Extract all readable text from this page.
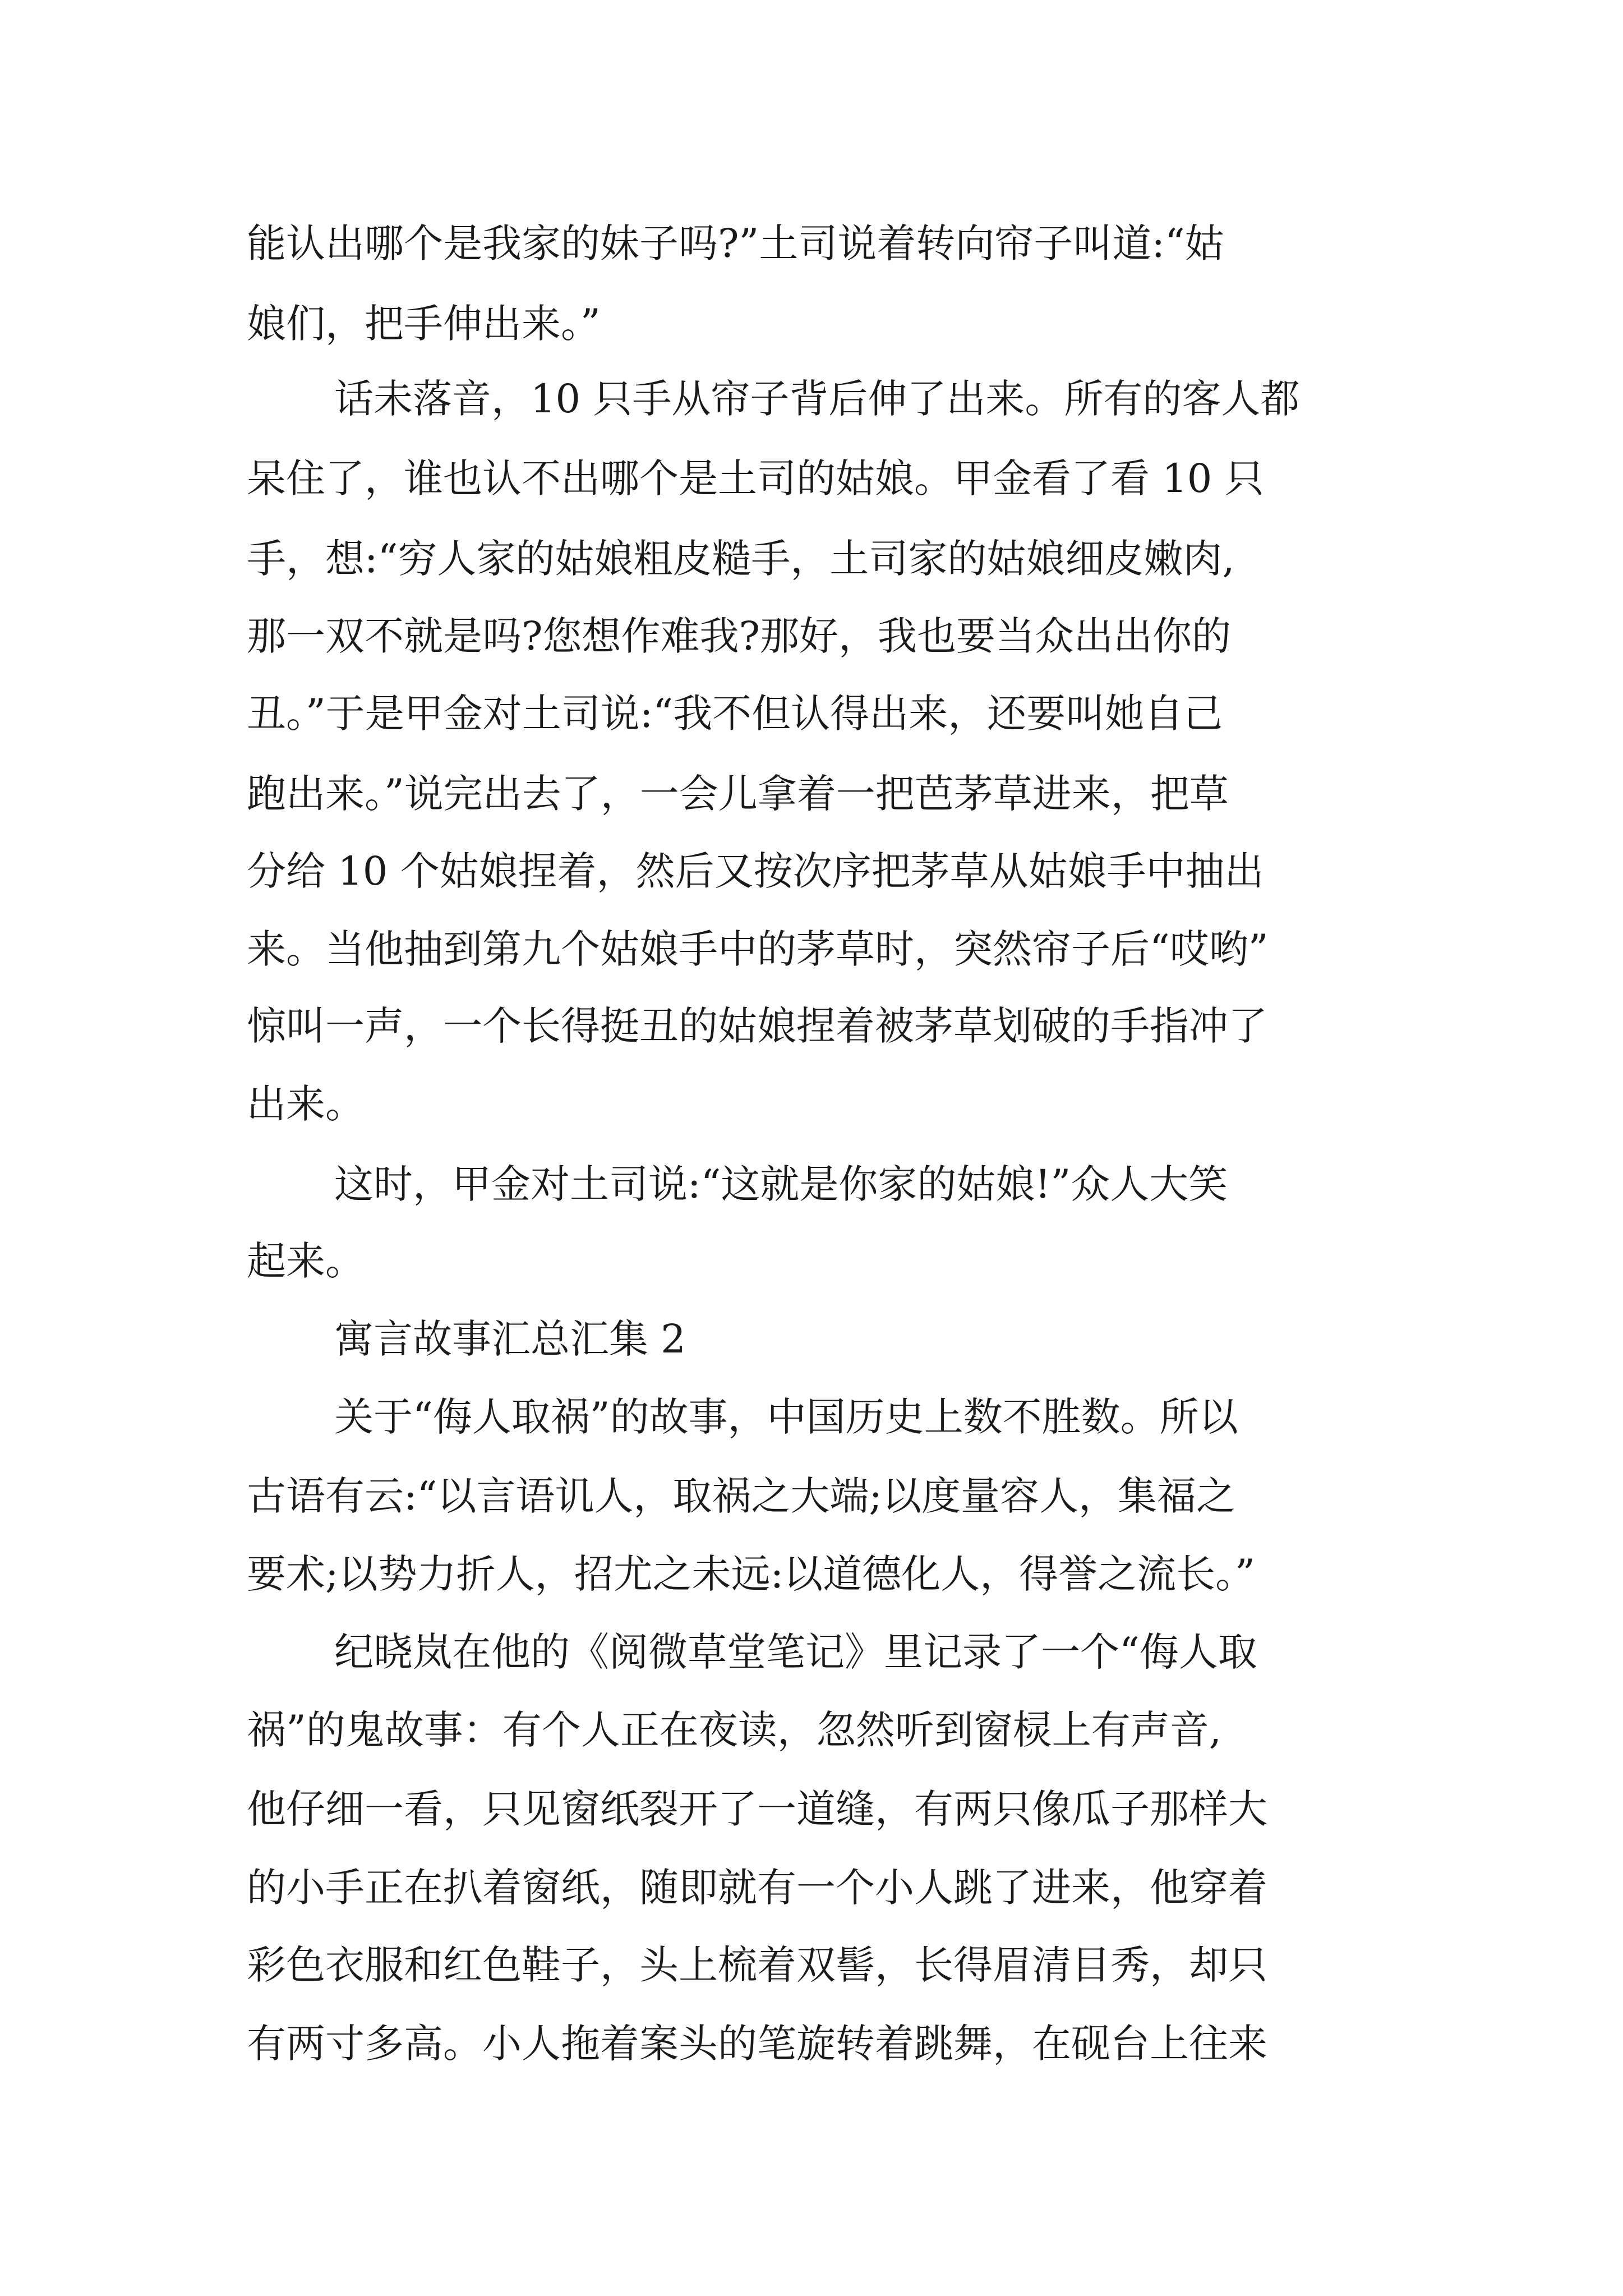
能认出哪个是我家的妹子吗?”土司说着转向帘子叫道:“姑

娘们，把手伸出来。”

话未落音，10 只手从帘子背后伸了出来。所有的客人都

呆住了，谁也认不出哪个是土司的姑娘。甲金看了看 10 只

手，想:“穷人家的姑娘粗皮糙手，土司家的姑娘细皮嫩肉,

那一双不就是吗?您想作难我?那好，我也要当众出出你的

丑。”于是甲金对土司说:“我不但认得出来，还要叫她自己

跑出来。”说完出去了，一会儿拿着一把芭茅草进来，把草

分给 10 个姑娘捏着，然后又按次序把茅草从姑娘手中抽出

来。当他抽到第九个姑娘手中的茅草时，突然帘子后“哎哟”

惊叫一声，一个长得挺丑的姑娘捏着被茅草划破的手指冲了

出来。

这时，甲金对土司说:“这就是你家的姑娘!”众人大笑

起来。

寓言故事汇总汇集 2

关于“侮人取祸”的故事，中国历史上数不胜数。所以

古语有云:“以言语讥人，取祸之大端;以度量容人，集福之

要术;以势力折人，招尤之未远:以道德化人，得誉之流长。”

纪晓岚在他的《阅微草堂笔记》里记录了一个“侮人取

祸”的鬼故事：有个人正在夜读，忽然听到窗棂上有声音,

他仔细一看，只见窗纸裂开了一道缝，有两只像瓜子那样大

的小手正在扒着窗纸，随即就有一个小人跳了进来，他穿着

彩色衣服和红色鞋子，头上梳着双髻，长得眉清目秀，却只

有两寸多高。小人拖着案头的笔旋转着跳舞，在砚台上往来
